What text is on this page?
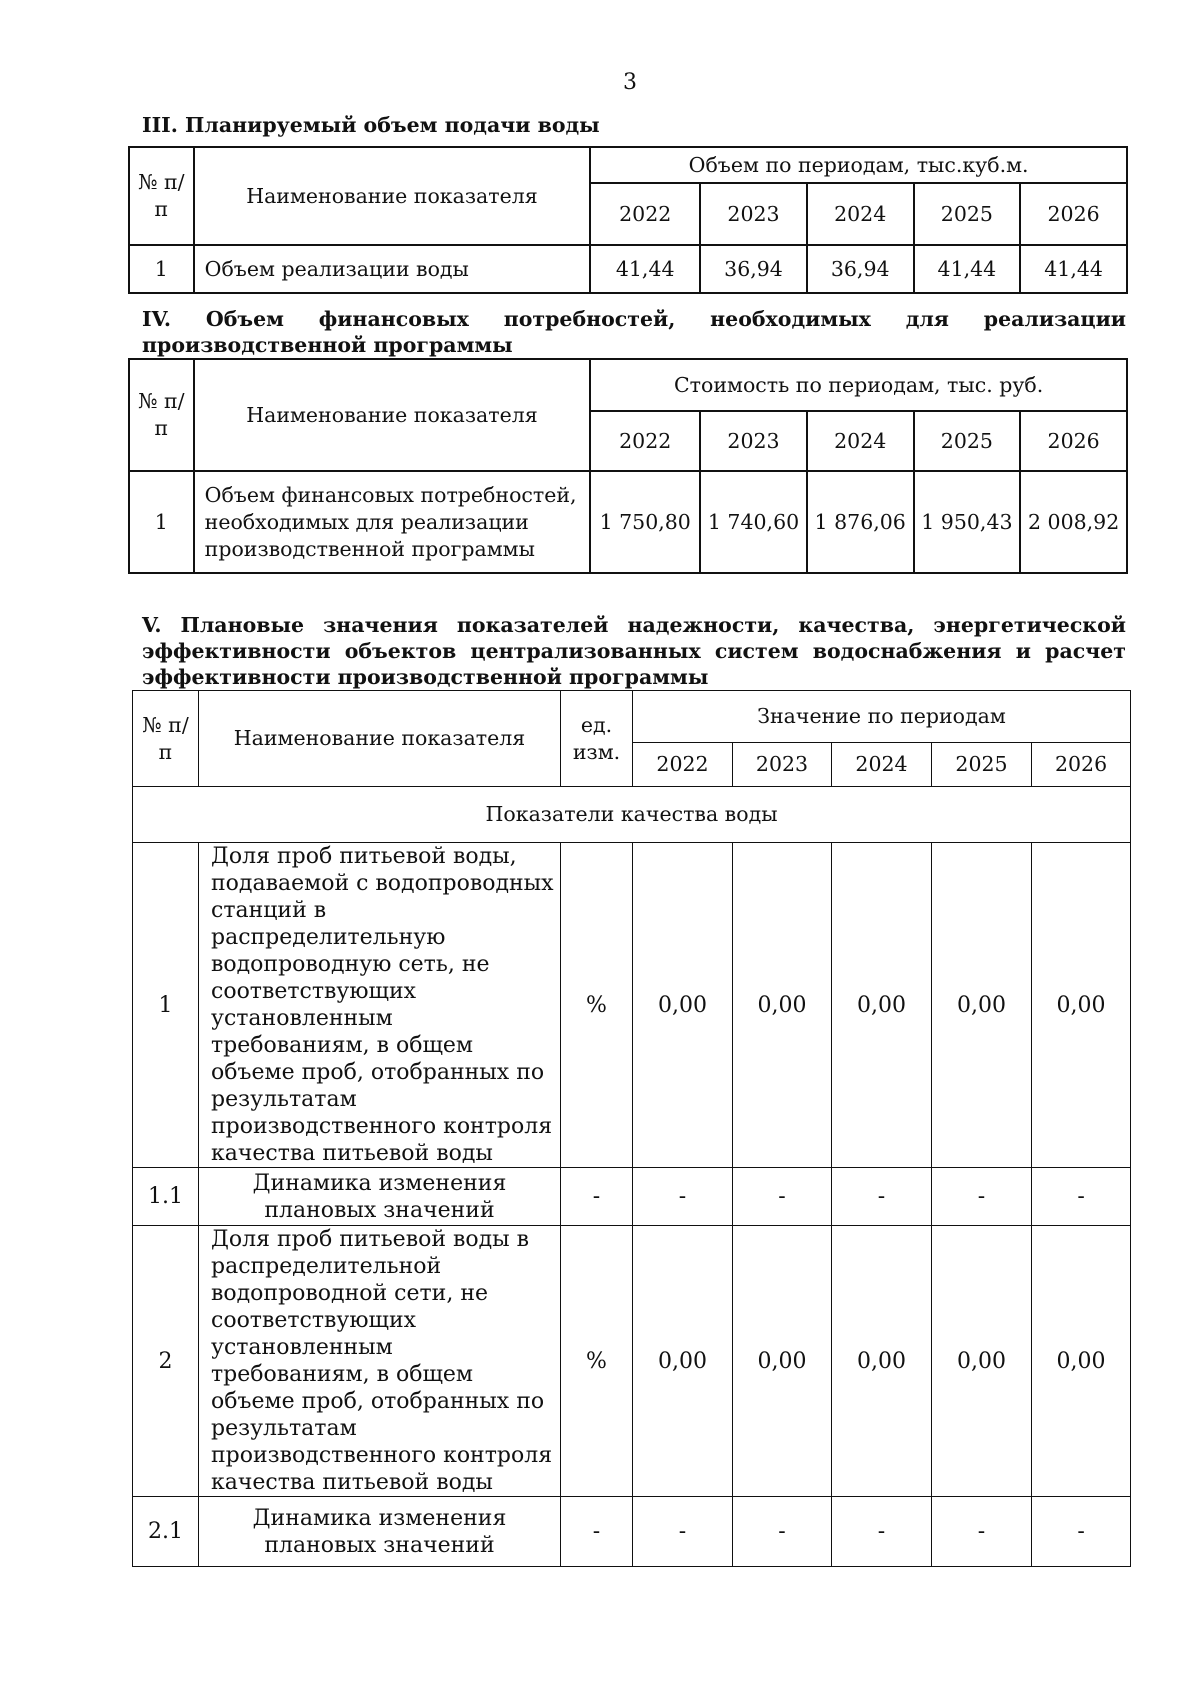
3
III. Планируемый объем подачи воды
№ п/п	Наименование показателя	Объем по периодам, тыс.куб.м.				
		2022	2023	2024	2025	2026
1	Объем реализации воды	41,44	36,94	36,94	41,44	41,44
IV. Объем финансовых потребностей, необходимых для реализации производственной программы
№ п/п	Наименование показателя	Стоимость по периодам, тыс. руб.				
		2022	2023	2024	2025	2026
1	Объем финансовых потребностей, необходимых для реализации производственной программы	1 750,80	1 740,60	1 876,06	1 950,43	2 008,92
V. Плановые значения показателей надежности, качества, энергетической эффективности объектов централизованных систем водоснабжения и расчет эффективности производственной программы
№ п/п	Наименование показателя	ед. изм.	Значение по периодам				
			2022	2023	2024	2025	2026
Показатели качества воды							
1	Доля проб питьевой воды, подаваемой с водопроводных станций в распределительную водопроводную сеть, не соответствующих установленным требованиям, в общем объеме проб, отобранных по результатам производственного контроля качества питьевой воды	%	0,00	0,00	0,00	0,00	0,00
1.1	Динамика изменения плановых значений	-	-	-	-	-	-
2	Доля проб питьевой воды в распределительной водопроводной сети, не соответствующих установленным требованиям, в общем объеме проб, отобранных по результатам производственного контроля качества питьевой воды	%	0,00	0,00	0,00	0,00	0,00
2.1	Динамика изменения плановых значений	-	-	-	-	-	-
